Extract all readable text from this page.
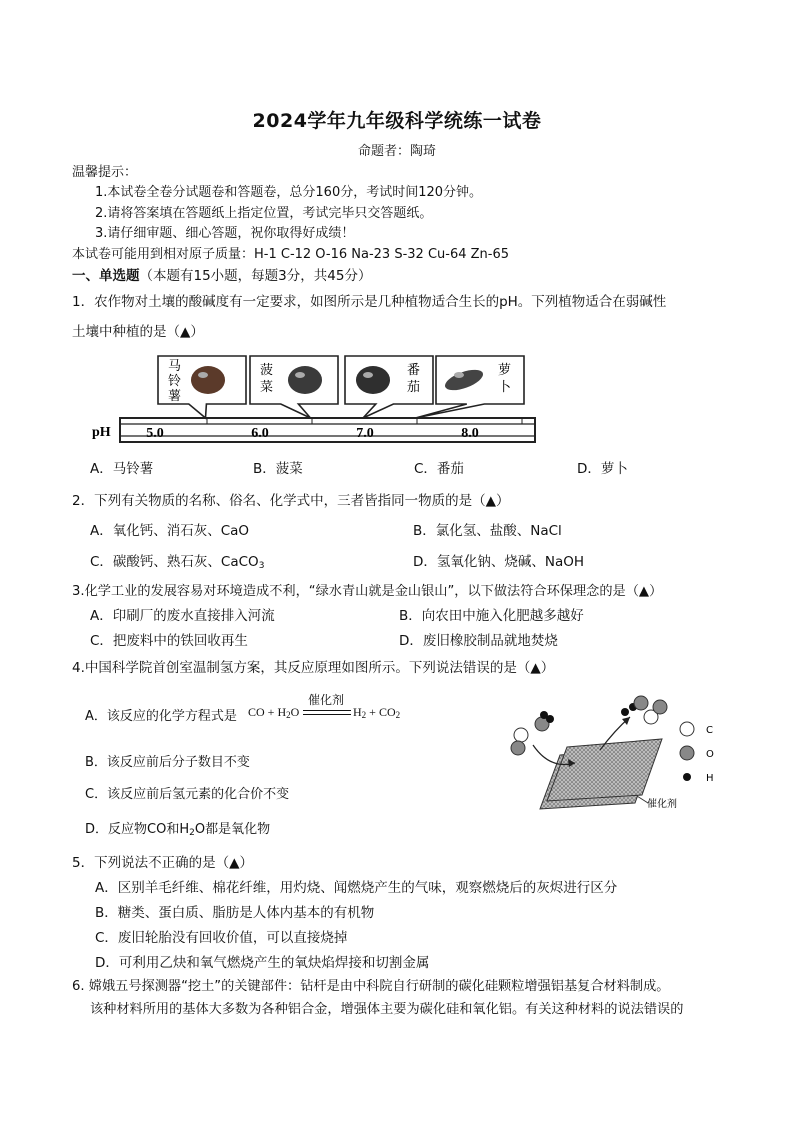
2024学年九年级科学统练一试卷
命题者：陶琦
温馨提示：
1.本试卷全卷分试题卷和答题卷，总分160分，考试时间120分钟。
2.请将答案填在答题纸上指定位置，考试完毕只交答题纸。
3.请仔细审题、细心答题，祝你取得好成绩！
本试卷可能用到相对原子质量：H-1 C-12 O-16 Na-23 S-32 Cu-64 Zn-65
一、单选题（本题有15小题，每题3分，共45分）
1．农作物对土壤的酸碱度有一定要求，如图所示是几种植物适合生长的pH。下列植物适合在弱碱性
土壤中种植的是（▲）
pH	5.0	6.0	7.0	8.0
马
铃
薯
菠
菜
番
茄
萝
卜
A．马铃薯	B．菠菜	C．番茄	D．萝卜
2．下列有关物质的名称、俗名、化学式中，三者皆指同一物质的是（▲）
A．氧化钙、消石灰、CaO	B．氯化氢、盐酸、NaCl
C．碳酸钙、熟石灰、CaCO$_3$	D．氢氧化钠、烧碱、NaOH
3.化学工业的发展容易对环境造成不利，“绿水青山就是金山银山”，以下做法符合环保理念的是（▲）
A．印刷厂的废水直接排入河流	B．向农田中施入化肥越多越好
C．把废料中的铁回收再生	D．废旧橡胶制品就地焚烧
4.中国科学院首创室温制氢方案，其反应原理如图所示。下列说法错误的是（▲）
A．该反应的化学方程式是
催化剂
CO + $H_2O$	$H_2 + CO_2$
B．该反应前后分子数目不变
C．该反应前后氢元素的化合价不变
D．反应物CO和$H_2O$都是氧化物
催化剂
C
O
H
5．下列说法不正确的是（▲）
A．区别羊毛纤维、棉花纤维，用灼烧、闻燃烧产生的气味，观察燃烧后的灰烬进行区分
B．糖类、蛋白质、脂肪是人体内基本的有机物
C．废旧轮胎没有回收价值，可以直接烧掉
D．可利用乙炔和氧气燃烧产生的氧炔焰焊接和切割金属
6. 嫦娥五号探测器“挖土”的关键部件：钻杆是由中科院自行研制的碳化硅颗粒增强铝基复合材料制成。
该种材料所用的基体大多数为各种铝合金，增强体主要为碳化硅和氧化铝。有关这种材料的说法错误的
